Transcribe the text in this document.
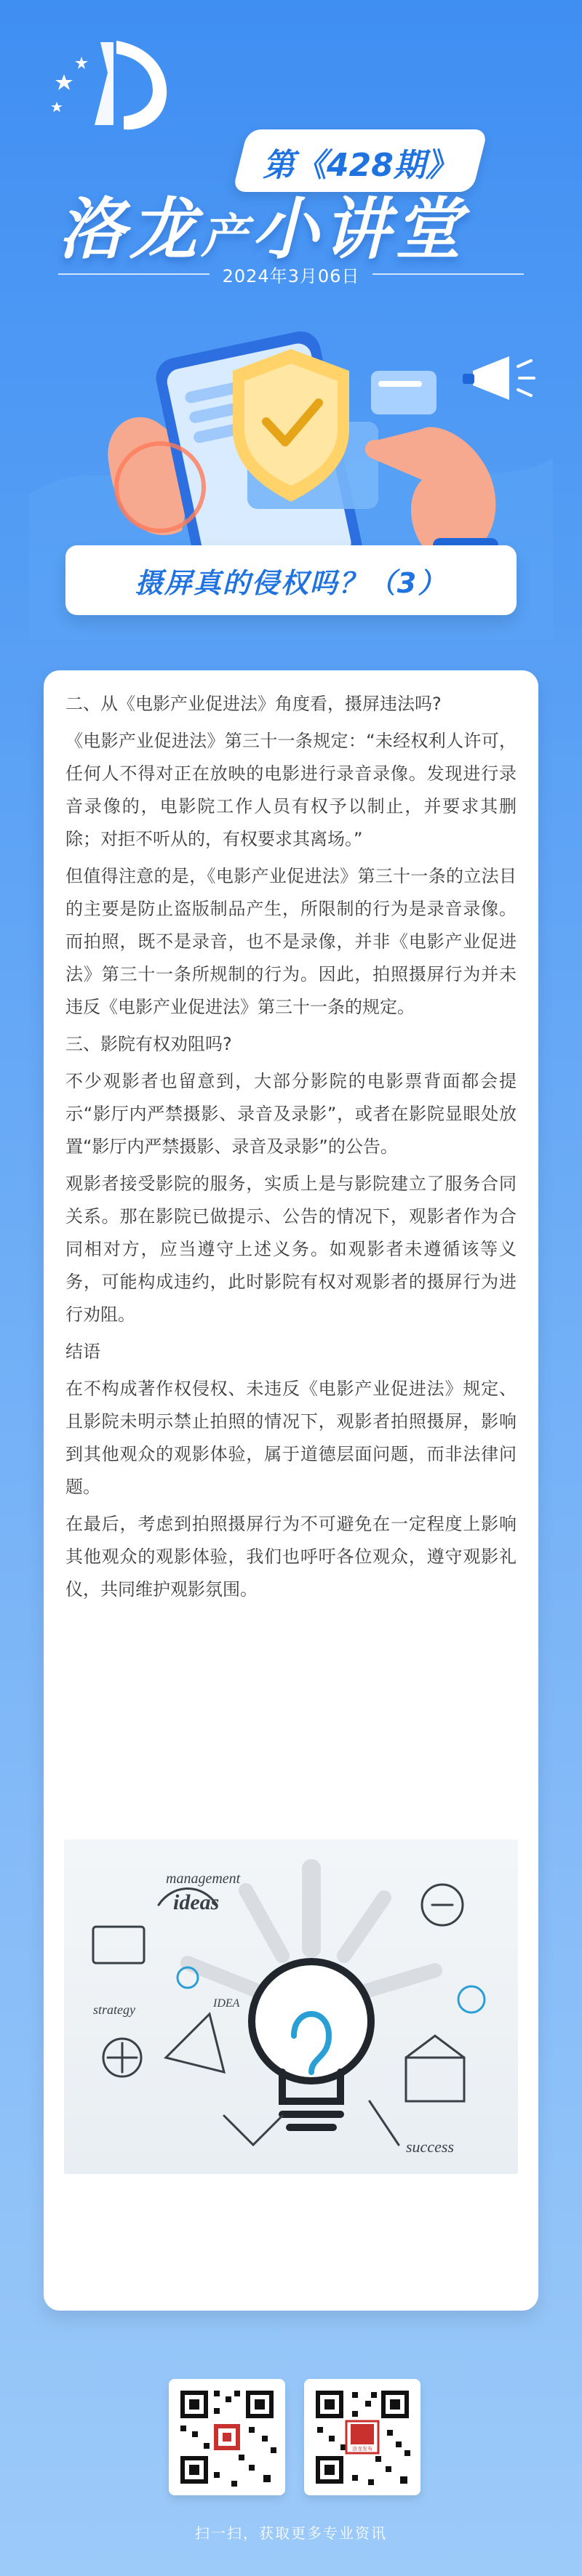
第《428期》
洛龙产小讲堂
2024年3月06日
摄屏真的侵权吗？（3）

二、从《电影产业促进法》角度看，摄屏违法吗?

《电影产业促进法》第三十一条规定：“未经权利人许可，任何人不得对正在放映的电影进行录音录像。发现进行录音录像的，电影院工作人员有权予以制止，并要求其删除；对拒不听从的，有权要求其离场。”

但值得注意的是，《电影产业促进法》第三十一条的立法目的主要是防止盗版制品产生，所限制的行为是录音录像。而拍照，既不是录音，也不是录像，并非《电影产业促进法》第三十一条所规制的行为。因此，拍照摄屏行为并未违反《电影产业促进法》第三十一条的规定。

三、影院有权劝阻吗?

不少观影者也留意到，大部分影院的电影票背面都会提示“影厅内严禁摄影、录音及录影”，或者在影院显眼处放置“影厅内严禁摄影、录音及录影”的公告。

观影者接受影院的服务，实质上是与影院建立了服务合同关系。那在影院已做提示、公告的情况下，观影者作为合同相对方，应当遵守上述义务。如观影者未遵循该等义务，可能构成违约，此时影院有权对观影者的摄屏行为进行劝阻。

结语

在不构成著作权侵权、未违反《电影产业促进法》规定、且影院未明示禁止拍照的情况下，观影者拍照摄屏，影响到其他观众的观影体验，属于道德层面问题，而非法律问题。

在最后，考虑到拍照摄屏行为不可避免在一定程度上影响其他观众的观影体验，我们也呼吁各位观众，遵守观影礼仪，共同维护观影氛围。

management
ideas
IDEA
strategy
success
洛龙发布
扫一扫，获取更多专业资讯
